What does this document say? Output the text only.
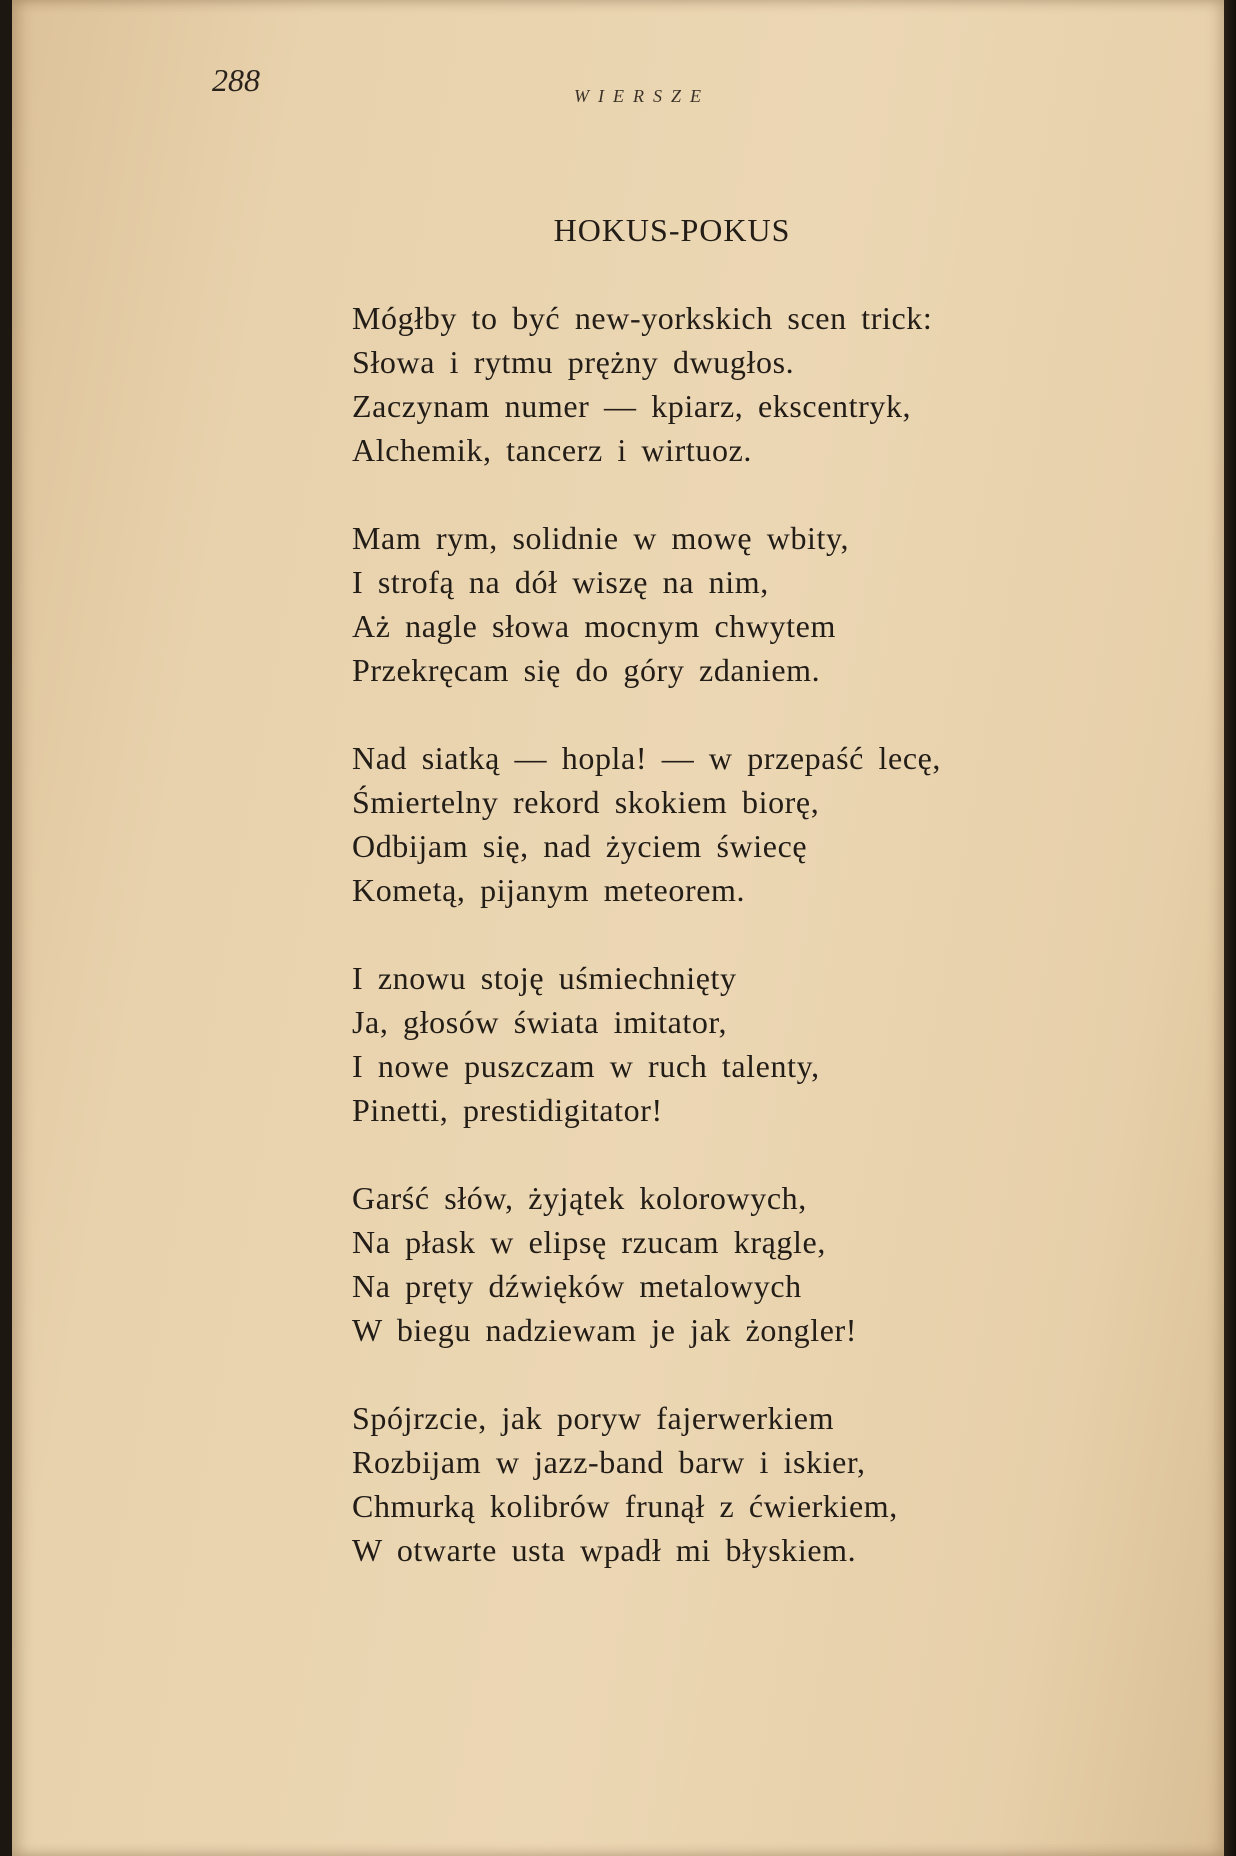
288	WIERSZE

HOKUS-POKUS

Mógłby to być new-yorkskich scen trick:

Słowa i rytmu prężny dwugłos.

Zaczynam numer — kpiarz, ekscentryk,

Alchemik, tancerz i wirtuoz.

Mam rym, solidnie w mowę wbity,

I strofą na dół wiszę na nim,

Aż nagle słowa mocnym chwytem

Przekręcam się do góry zdaniem.

Nad siatką — hopla! — w przepaść lecę,

Śmiertelny rekord skokiem biorę,

Odbijam się, nad życiem świecę

Kometą, pijanym meteorem.

I znowu stoję uśmiechnięty

Ja, głosów świata imitator,

I nowe puszczam w ruch talenty,

Pinetti, prestidigitator!

Garść słów, żyjątek kolorowych,

Na płask w elipsę rzucam krągle,

Na pręty dźwięków metalowych

W biegu nadziewam je jak żongler!

Spójrzcie, jak poryw fajerwerkiem

Rozbijam w jazz-band barw i iskier,

Chmurką kolibrów frunął z ćwierkiem,

W otwarte usta wpadł mi błyskiem.
